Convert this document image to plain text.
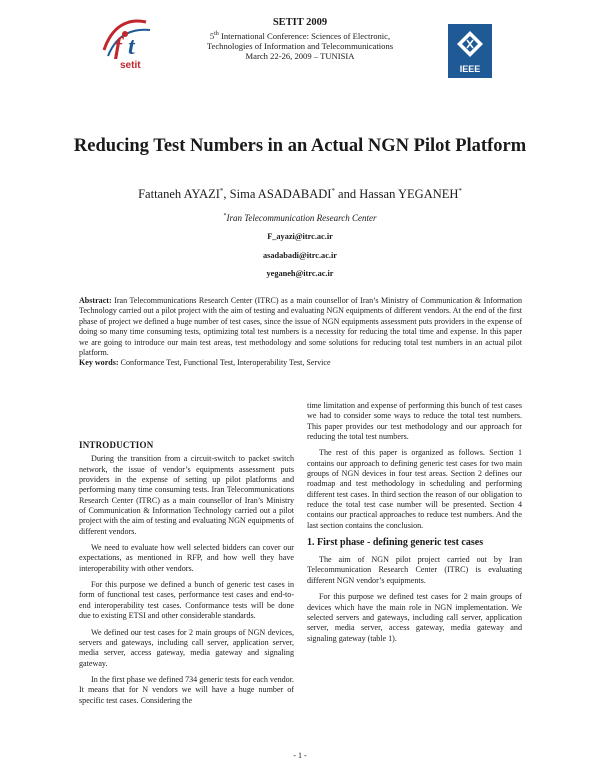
f t
setit
SETIT 2009
5th International Conference: Sciences of Electronic,
Technologies of Information and Telecommunications
March 22-26, 2009 – TUNISIA
IEEE
Reducing Test Numbers in an Actual NGN Pilot Platform
Fattaneh AYAZI*, Sima ASADABADI* and Hassan YEGANEH*
*Iran Telecommunication Research Center
F_ayazi@itrc.ac.ir
asadabadi@itrc.ac.ir
yeganeh@itrc.ac.ir
Abstract: Iran Telecommunications Research Center (ITRC) as a main counsellor of Iran’s Ministry of Communication & Information Technology carried out a pilot project with the aim of testing and evaluating NGN equipments of different vendors. At the end of the first phase of project we defined a huge number of test cases, since the issue of NGN equipments assessment puts providers in the expense of doing so many time consuming tests, optimizing total test numbers is a necessity for reducing the total time and expense. In this paper we are going to introduce our main test areas, test methodology and some solutions for reducing total test numbers in an actual pilot platform.
Key words: Conformance Test, Functional Test, Interoperability Test, Service
INTRODUCTION

During the transition from a circuit-switch to packet switch network, the issue of vendor’s equipments assessment puts providers in the expense of setting up pilot platforms and performing many time consuming tests. Iran Telecommunications Research Center (ITRC) as a main counsellor of Iran’s Ministry of Communication & Information Technology carried out a pilot project with the aim of testing and evaluating NGN equipments of different vendors.

We need to evaluate how well selected bidders can cover our expectations, as mentioned in RFP, and how well they have interoperability with other vendors.

For this purpose we defined a bunch of generic test cases in form of functional test cases, performance test cases and end-to-end interoperability test cases. Conformance tests will be done due to existing ETSI and other considerable standards.

We defined our test cases for 2 main groups of NGN devices, servers and gateways, including call server, application server, media server, access gateway, media gateway and signaling gateway.

In the first phase we defined 734 generic tests for each vendor. It means that for N vendors we will have a huge number of specific test cases. Considering the

time limitation and expense of performing this bunch of test cases we had to consider some ways to reduce the total test numbers. This paper provides our test methodology and our approach for reducing the total test numbers.

The rest of this paper is organized as follows. Section 1 contains our approach to defining generic test cases for two main groups of NGN devices in four test areas. Section 2 defines our roadmap and test methodology in scheduling and performing different test cases. In third section the reason of our obligation to reduce the total test case number will be presented. Section 4 contains our practical approaches to reduce test numbers. And the last section contains the conclusion.

1. First phase - defining generic test cases

The aim of NGN pilot project carried out by Iran Telecommunication Research Center (ITRC) is evaluating different NGN vendor’s equipments.

For this purpose we defined test cases for 2 main groups of devices which have the main role in NGN implementation. We selected servers and gateways, including call server, application server, media server, access gateway, media gateway and signaling gateway (table 1).

- 1 -
